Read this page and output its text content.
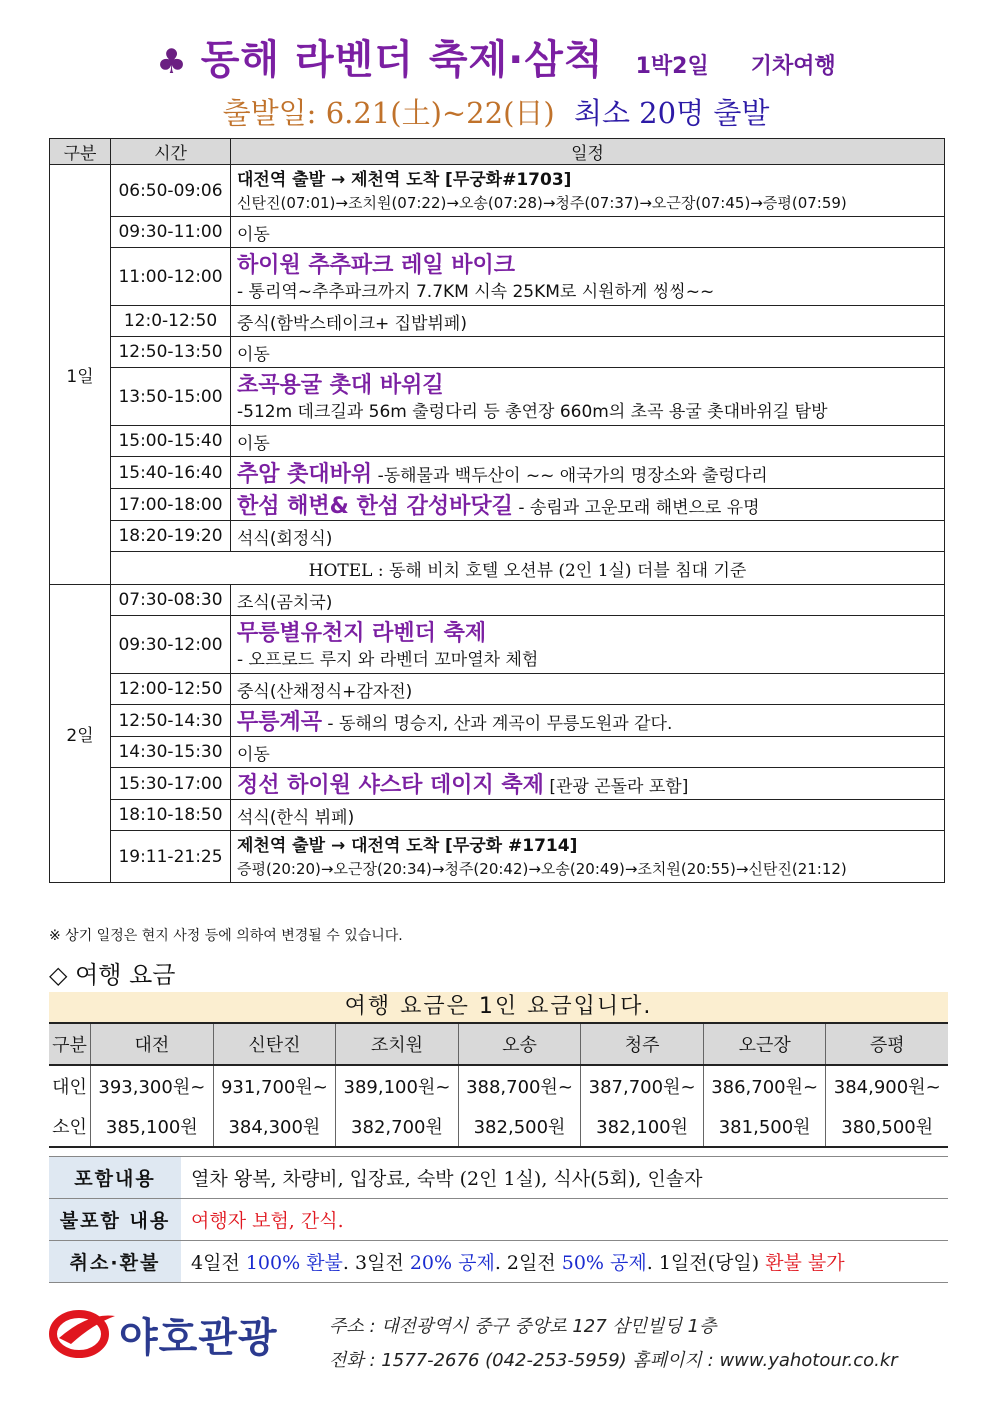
♣ 동해 라벤더 축제·삼척 1박2일 기차여행
출발일: 6.21(土)~22(日) 최소 20명 출발
구분	시간	일정
1일	06:50-09:06	대전역 출발 → 제천역 도착 [무궁화#1703]
신탄진(07:01)→조치원(07:22)→오송(07:28)→청주(07:37)→오근장(07:45)→증평(07:59)

	09:30-11:00	이동
	11:00-12:00	하이원 추추파크 레일 바이크
- 통리역~추추파크까지 7.7KM 시속 25KM로 시원하게 씽씽~~

	12:0-12:50	중식(함박스테이크+ 집밥뷔페)
	12:50-13:50	이동
	13:50-15:00	초곡용굴 촛대 바위길
-512m 데크길과 56m 출렁다리 등 총연장 660m의 초곡 용굴 촛대바위길 탐방

	15:00-15:40	이동
	15:40-16:40	추암 촛대바위 -동해물과 백두산이 ~~ 애국가의 명장소와 출렁다리
	17:00-18:00	한섬 해변& 한섬 감성바닷길 - 송림과 고운모래 해변으로 유명
	18:20-19:20	석식(회정식)
	HOTEL : 동해 비치 호텔 오션뷰 (2인 1실) 더블 침대 기준	
2일	07:30-08:30	조식(곰치국)
	09:30-12:00	무릉별유천지 라벤더 축제
- 오프로드 루지 와 라벤더 꼬마열차 체험

	12:00-12:50	중식(산채정식+감자전)
	12:50-14:30	무릉계곡 - 동해의 명승지, 산과 계곡이 무릉도원과 같다.
	14:30-15:30	이동
	15:30-17:00	정선 하이원 샤스타 데이지 축제 [관광 곤돌라 포함]
	18:10-18:50	석식(한식 뷔페)
	19:11-21:25	제천역 출발 → 대전역 도착 [무궁화 #1714]
증평(20:20)→오근장(20:34)→청주(20:42)→오송(20:49)→조치원(20:55)→신탄진(21:12)
※ 상기 일정은 현지 사정 등에 의하여 변경될 수 있습니다.
◇ 여행 요금
여행 요금은 1인 요금입니다.
구분	대전	신탄진	조치원	오송	청주	오근장	증평
대인	393,300원~	931,700원~	389,100원~	388,700원~	387,700원~	386,700원~	384,900원~
소인	385,100원	384,300원	382,700원	382,500원	382,100원	381,500원	380,500원
포함내용	열차 왕복, 차량비, 입장료, 숙박 (2인 1실), 식사(5회), 인솔자
불포함 내용	여행자 보험, 간식.
취소·환불	4일전 100% 환불. 3일전 20% 공제. 2일전 50% 공제. 1일전(당일) 환불 불가
야호관광	주소 : 대전광역시 중구 중앙로 127 삼민빌딩 1층
전화 : 1577-2676 (042-253-5959) 홈페이지 : www.yahotour.co.kr
